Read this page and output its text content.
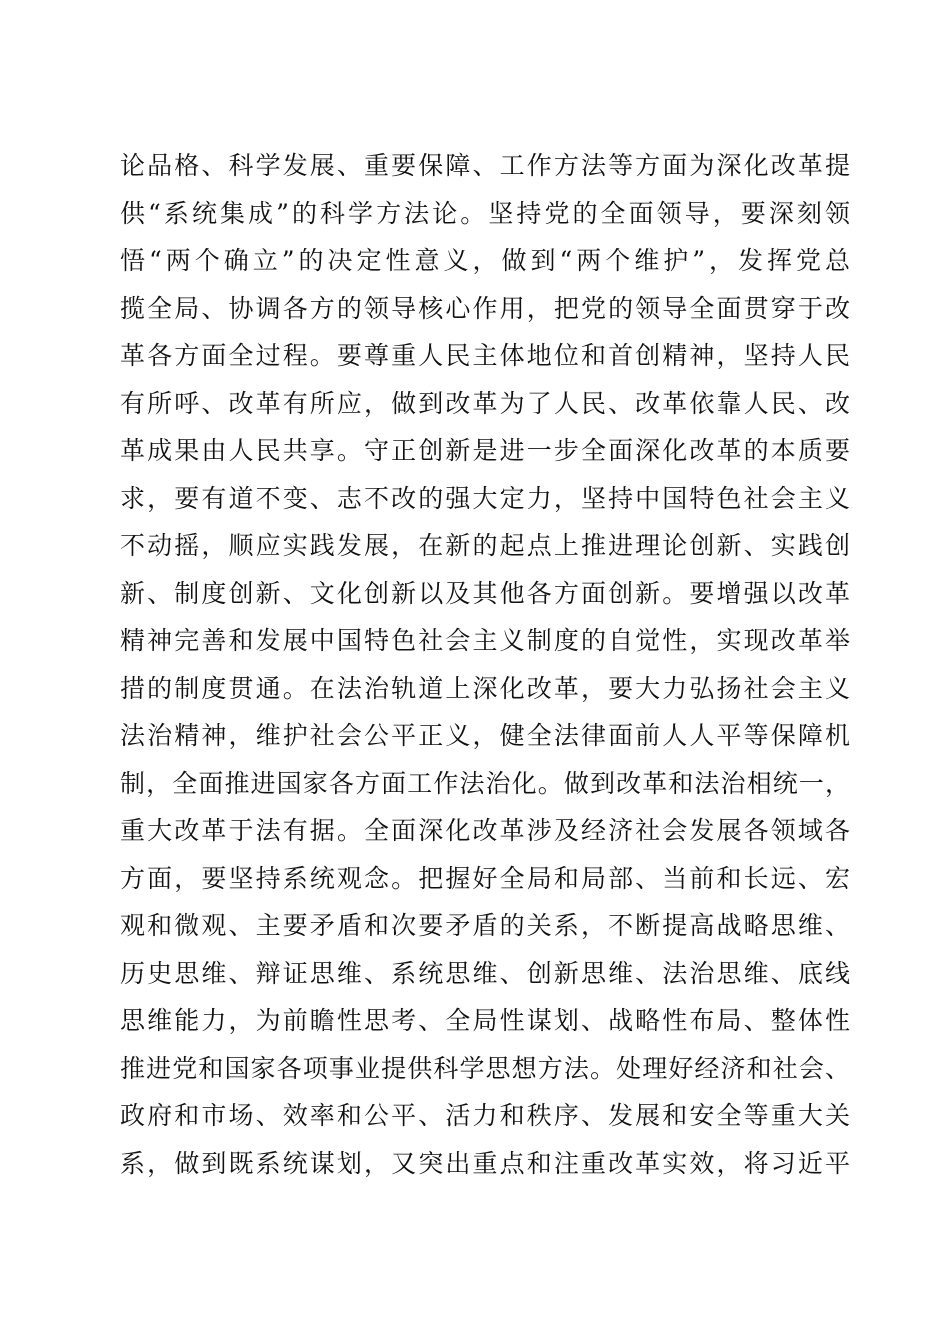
论品格、科学发展、重要保障、工作方法等方面为深化改革提
供“系统集成”的科学方法论。坚持党的全面领导，要深刻领
悟“两个确立”的决定性意义，做到“两个维护”，发挥党总
揽全局、协调各方的领导核心作用，把党的领导全面贯穿于改
革各方面全过程。要尊重人民主体地位和首创精神，坚持人民
有所呼、改革有所应，做到改革为了人民、改革依靠人民、改
革成果由人民共享。守正创新是进一步全面深化改革的本质要
求，要有道不变、志不改的强大定力，坚持中国特色社会主义
不动摇，顺应实践发展，在新的起点上推进理论创新、实践创
新、制度创新、文化创新以及其他各方面创新。要增强以改革
精神完善和发展中国特色社会主义制度的自觉性，实现改革举
措的制度贯通。在法治轨道上深化改革，要大力弘扬社会主义
法治精神，维护社会公平正义，健全法律面前人人平等保障机
制，全面推进国家各方面工作法治化。做到改革和法治相统一，
重大改革于法有据。全面深化改革涉及经济社会发展各领域各
方面，要坚持系统观念。把握好全局和局部、当前和长远、宏
观和微观、主要矛盾和次要矛盾的关系，不断提高战略思维、
历史思维、辩证思维、系统思维、创新思维、法治思维、底线
思维能力，为前瞻性思考、全局性谋划、战略性布局、整体性
推进党和国家各项事业提供科学思想方法。处理好经济和社会、
政府和市场、效率和公平、活力和秩序、发展和安全等重大关
系，做到既系统谋划，又突出重点和注重改革实效，将习近平
